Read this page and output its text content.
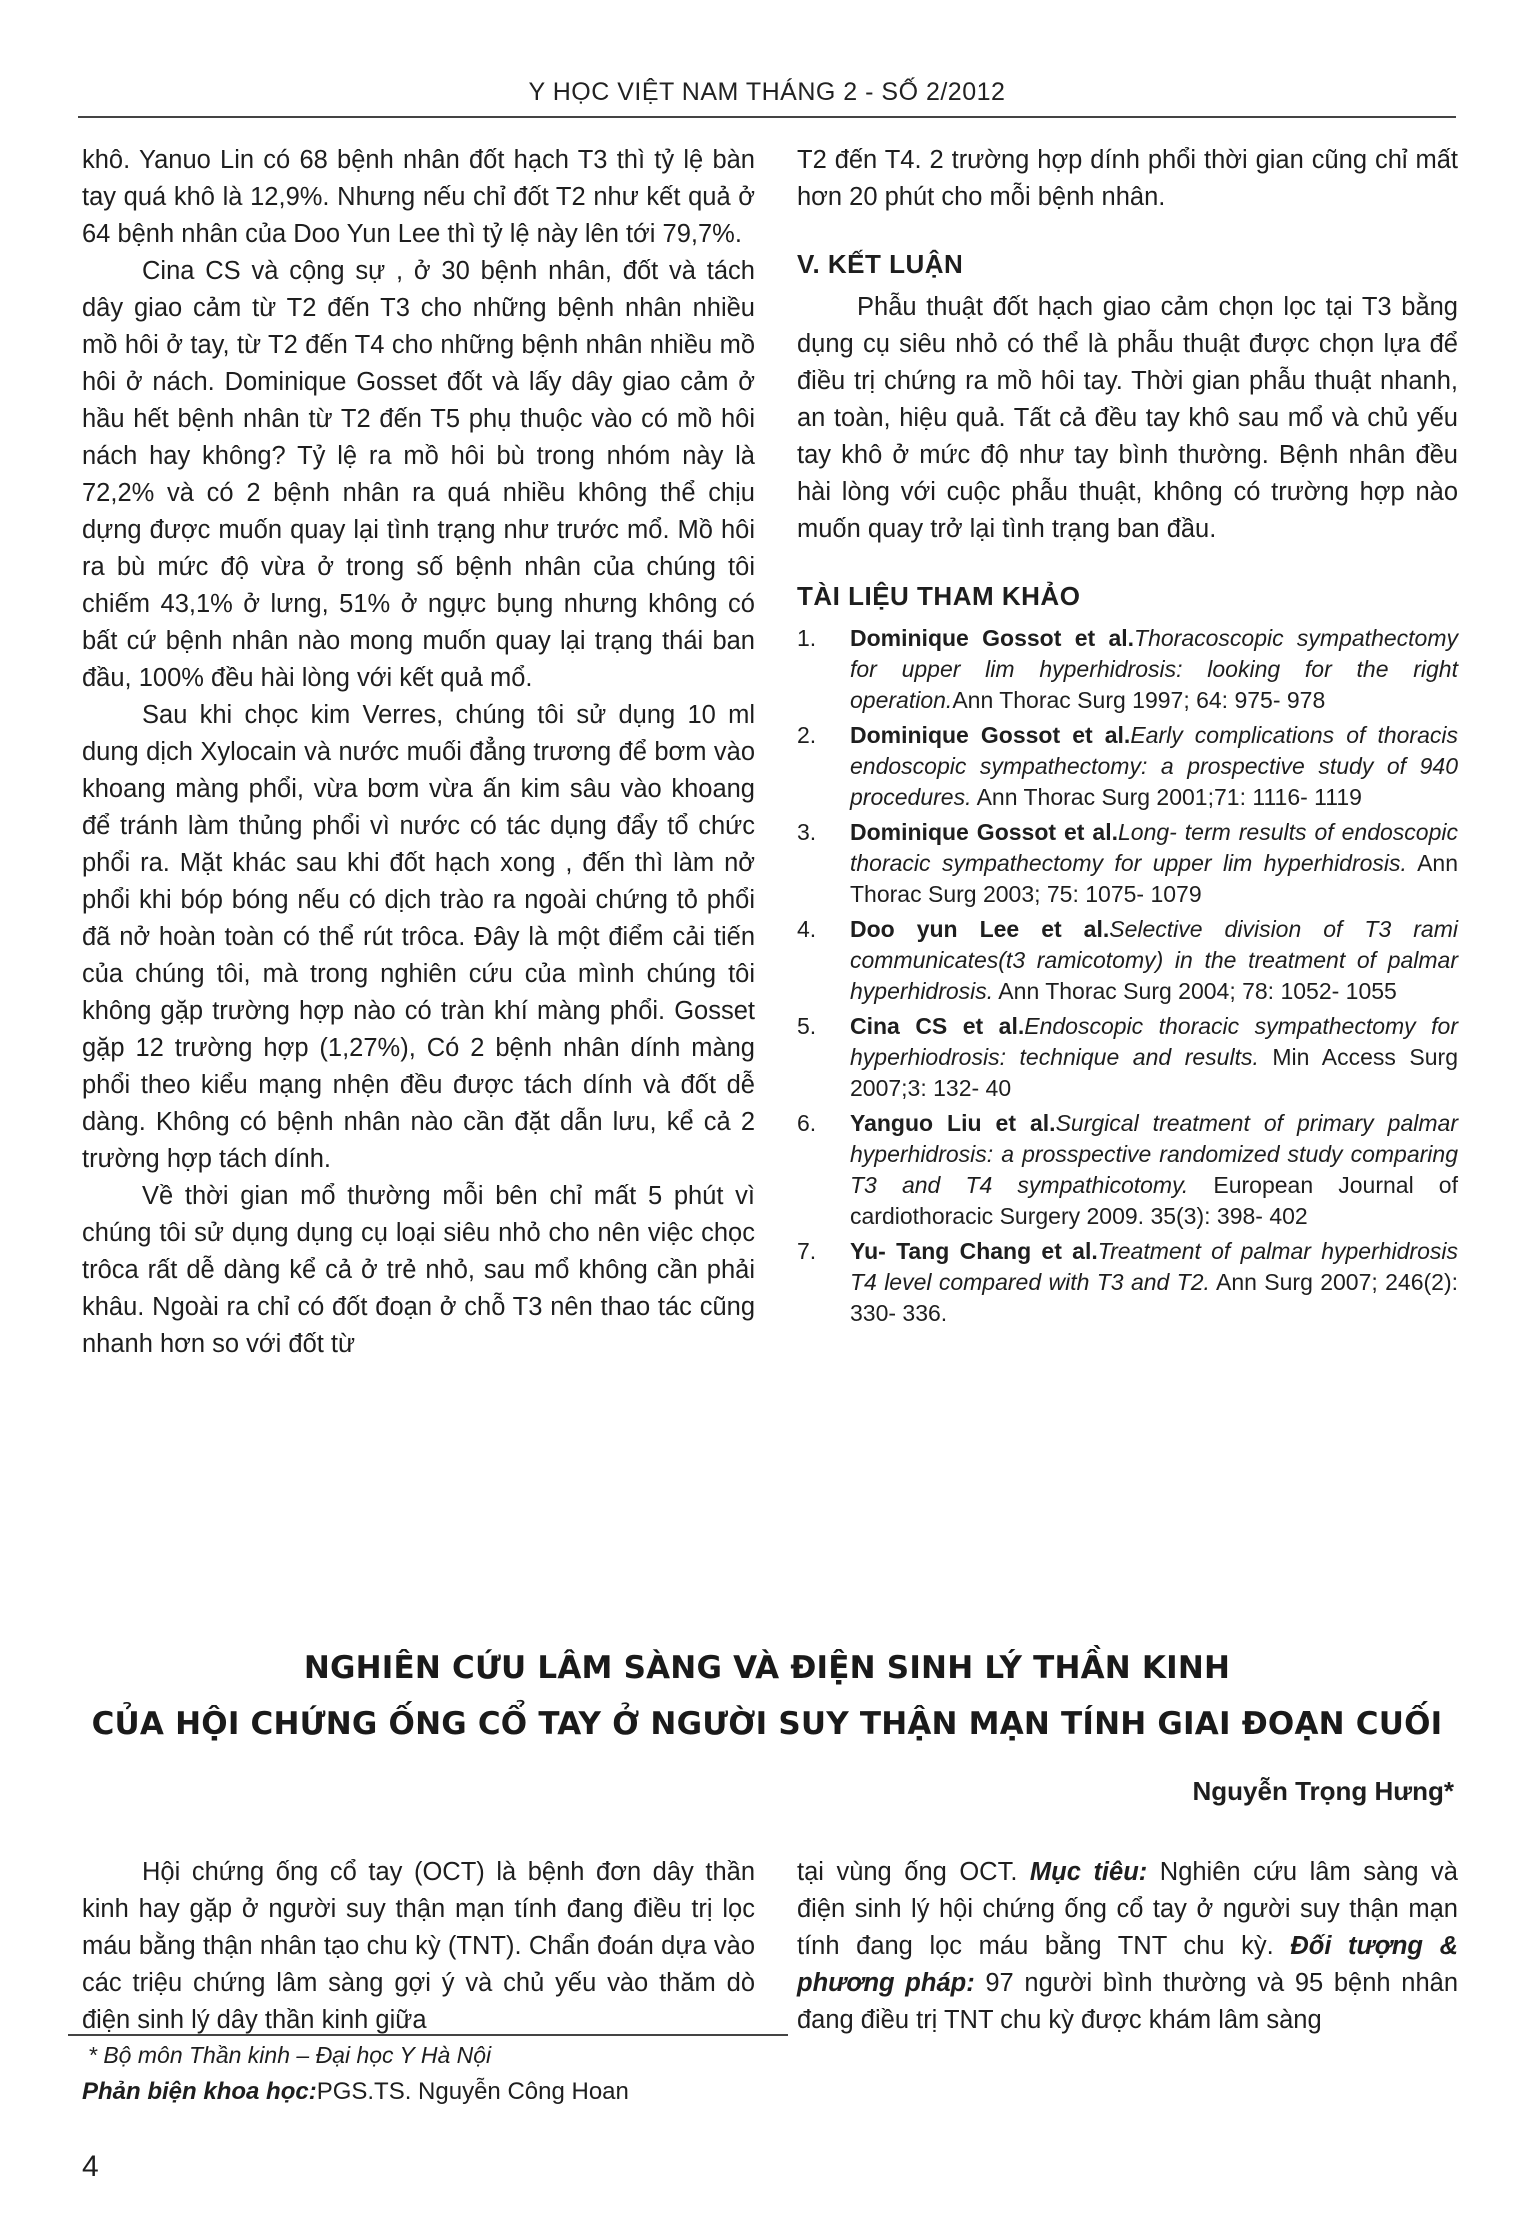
Y HỌC VIỆT NAM THÁNG 2 - SỐ 2/2012

khô. Yanuo Lin có 68 bệnh nhân đốt hạch T3 thì tỷ lệ bàn tay quá khô là 12,9%. Nhưng nếu chỉ đốt T2 như kết quả ở 64 bệnh nhân của Doo Yun Lee thì tỷ lệ này lên tới 79,7%.

Cina CS và cộng sự , ở 30 bệnh nhân, đốt và tách dây giao cảm từ T2 đến T3 cho những bệnh nhân nhiều mồ hôi ở tay, từ T2 đến T4 cho những bệnh nhân nhiều mồ hôi ở nách. Dominique Gosset đốt và lấy dây giao cảm ở hầu hết bệnh nhân từ T2 đến T5 phụ thuộc vào có mồ hôi nách hay không? Tỷ lệ ra mồ hôi bù trong nhóm này là 72,2% và có 2 bệnh nhân ra quá nhiều không thể chịu dựng được muốn quay lại tình trạng như trước mổ. Mồ hôi ra bù mức độ vừa ở trong số bệnh nhân của chúng tôi chiếm 43,1% ở lưng, 51% ở ngực bụng nhưng không có bất cứ bệnh nhân nào mong muốn quay lại trạng thái ban đầu, 100% đều hài lòng với kết quả mổ.

Sau khi chọc kim Verres, chúng tôi sử dụng 10 ml dung dịch Xylocain và nước muối đẳng trương để bơm vào khoang màng phổi, vừa bơm vừa ấn kim sâu vào khoang để tránh làm thủng phổi vì nước có tác dụng đẩy tổ chức phổi ra. Mặt khác sau khi đốt hạch xong , đến thì làm nở phổi khi bóp bóng nếu có dịch trào ra ngoài chứng tỏ phổi đã nở hoàn toàn có thể rút trôca. Đây là một điểm cải tiến của chúng tôi, mà trong nghiên cứu của mình chúng tôi không gặp trường hợp nào có tràn khí màng phổi. Gosset gặp 12 trường hợp (1,27%), Có 2 bệnh nhân dính màng phổi theo kiểu mạng nhện đều được tách dính và đốt dễ dàng. Không có bệnh nhân nào cần đặt dẫn lưu, kể cả 2 trường hợp tách dính.

Về thời gian mổ thường mỗi bên chỉ mất 5 phút vì chúng tôi sử dụng dụng cụ loại siêu nhỏ cho nên việc chọc trôca rất dễ dàng kể cả ở trẻ nhỏ, sau mổ không cần phải khâu. Ngoài ra chỉ có đốt đoạn ở chỗ T3 nên thao tác cũng nhanh hơn so với đốt từ

T2 đến T4. 2 trường hợp dính phổi thời gian cũng chỉ mất hơn 20 phút cho mỗi bệnh nhân.

V. KẾT LUẬN

Phẫu thuật đốt hạch giao cảm chọn lọc tại T3 bằng dụng cụ siêu nhỏ có thể là phẫu thuật được chọn lựa để điều trị chứng ra mồ hôi tay. Thời gian phẫu thuật nhanh, an toàn, hiệu quả. Tất cả đều tay khô sau mổ và chủ yếu tay khô ở mức độ như tay bình thường. Bệnh nhân đều hài lòng với cuộc phẫu thuật, không có trường hợp nào muốn quay trở lại tình trạng ban đầu.

TÀI LIỆU THAM KHẢO
1. Dominique Gossot et al.Thoracoscopic sympathectomy for upper lim hyperhidrosis: looking for the right operation.Ann Thorac Surg 1997; 64: 975- 978
2. Dominique Gossot et al.Early complications of thoracis endoscopic sympathectomy: a prospective study of 940 procedures. Ann Thorac Surg 2001;71: 1116- 1119
3. Dominique Gossot et al.Long- term results of endoscopic thoracic sympathectomy for upper lim hyperhidrosis. Ann Thorac Surg 2003; 75: 1075- 1079
4. Doo yun Lee et al.Selective division of T3 rami communicates(t3 ramicotomy) in the treatment of palmar hyperhidrosis. Ann Thorac Surg 2004; 78: 1052- 1055
5. Cina CS et al.Endoscopic thoracic sympathectomy for hyperhiodrosis: technique and results. Min Access Surg 2007;3: 132- 40
6. Yanguo Liu et al.Surgical treatment of primary palmar hyperhidrosis: a prosspective randomized study comparing T3 and T4 sympathicotomy. European Journal of cardiothoracic Surgery 2009. 35(3): 398- 402
7. Yu- Tang Chang et al.Treatment of palmar hyperhidrosis T4 level compared with T3 and T2. Ann Surg 2007; 246(2): 330- 336.
NGHIÊN CỨU LÂM SÀNG VÀ ĐIỆN SINH LÝ THẦN KINH
CỦA HỘI CHỨNG ỐNG CỔ TAY Ở NGƯỜI SUY THẬN MẠN TÍNH GIAI ĐOẠN CUỐI
Nguyễn Trọng Hưng*

Hội chứng ống cổ tay (OCT) là bệnh đơn dây thần kinh hay gặp ở người suy thận mạn tính đang điều trị lọc máu bằng thận nhân tạo chu kỳ (TNT). Chẩn đoán dựa vào các triệu chứng lâm sàng gợi ý và chủ yếu vào thăm dò điện sinh lý dây thần kinh giữa

tại vùng ống OCT. Mục tiêu: Nghiên cứu lâm sàng và điện sinh lý hội chứng ống cổ tay ở người suy thận mạn tính đang lọc máu bằng TNT chu kỳ. Đối tượng & phương pháp: 97 người bình thường và 95 bệnh nhân đang điều trị TNT chu kỳ được khám lâm sàng

* Bộ môn Thần kinh – Đại học Y Hà Nội
Phản biện khoa học:PGS.TS. Nguyễn Công Hoan
4
